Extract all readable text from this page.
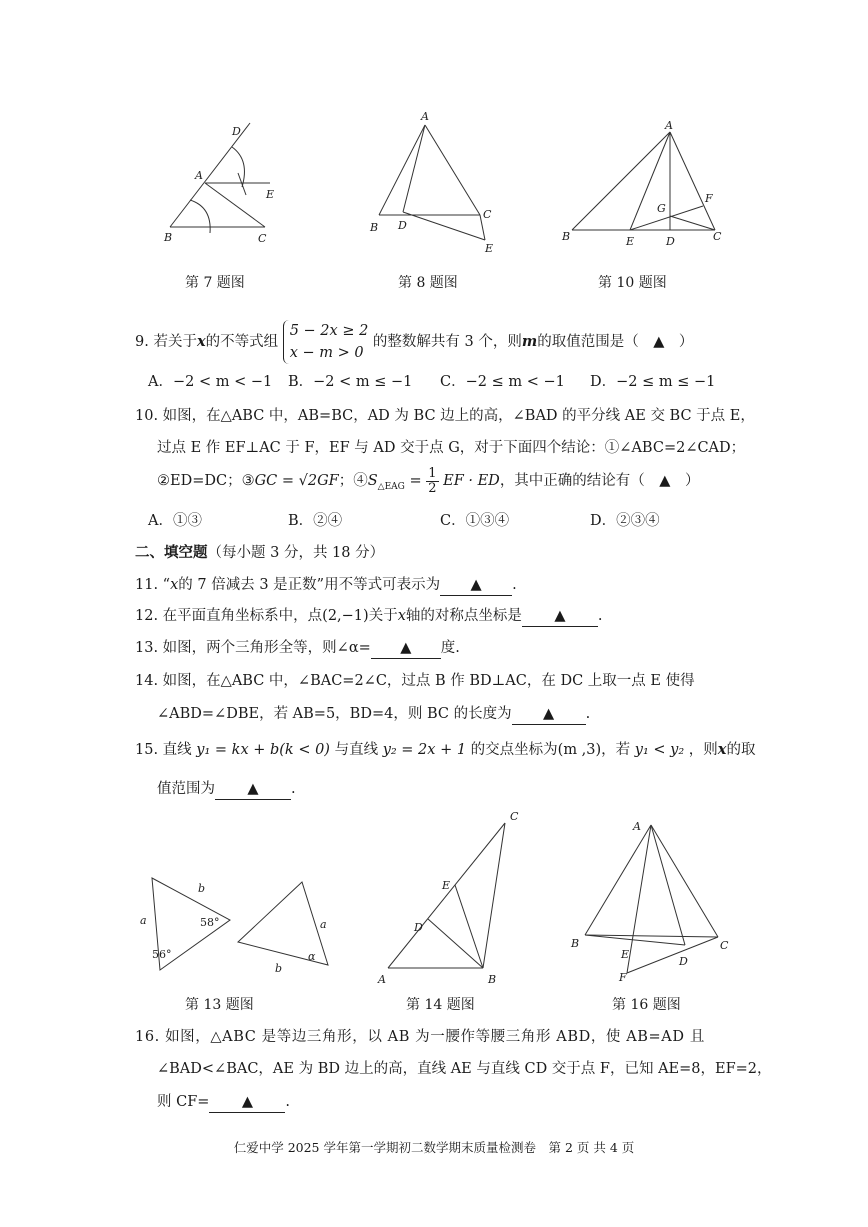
D
A
E
B	C
第 7 题图
A
B D
C
E
第 8 题图
A
F
G
B	E	D	C
第 10 题图
9. 若关于x的不等式组
5 − 2x ≥ 2
x − m > 0
的整数解共有 3 个，则m的取值范围是（　▲　）
A．−2 < m < −1 B．−2 < m ≤ −1 C．−2 ≤ m < −1 D．−2 ≤ m ≤ −1
10. 如图，在△ABC 中，AB=BC，AD 为 BC 边上的高，∠BAD 的平分线 AE 交 BC 于点 E，
过点 E 作 EF⊥AC 于 F，EF 与 AD 交于点 G，对于下面四个结论：①∠ABC=2∠CAD；
②ED=DC；③GC = √2GF；$④S_{\triangle EAG} = \frac{1}{2}$ EF · ED，其中正确的结论有（　▲　）
A．①③	B．②④	C．①③④	D．②③④
二、填空题（每小题 3 分，共 18 分）
11. “x的 7 倍减去 3 是正数”用不等式可表示为 ▲ .
12. 在平面直角坐标系中，点(2,−1)关于x轴的对称点坐标是 ▲ .
13. 如图，两个三角形全等，则∠α= ▲ 度.
14. 如图，在△ABC 中，∠BAC=2∠C，过点 B 作 BD⊥AC，在 DC 上取一点 E 使得
∠ABD=∠DBE，若 AB=5，BD=4，则 BC 的长度为 ▲ .
15. 直线 y₁ = kx + b(k < 0) 与直线 y₂ = 2x + 1 的交点坐标为(m ,3)，若 y₁ < y₂ ，则x的取
值范围为 ▲ .
b
58°
a
56°
a
b
α
第 13 题图
C
E
D
A	B
第 14 题图
A
B	C
E
D
F
第 16 题图
16. 如图，△ABC 是等边三角形，以 AB 为一腰作等腰三角形 ABD，使 AB=AD 且
∠BAD<∠BAC，AE 为 BD 边上的高，直线 AE 与直线 CD 交于点 F，已知 AE=8，EF=2，
则 CF= ▲ .
仁爱中学 2025 学年第一学期初二数学期末质量检测卷　第 2 页 共 4 页
